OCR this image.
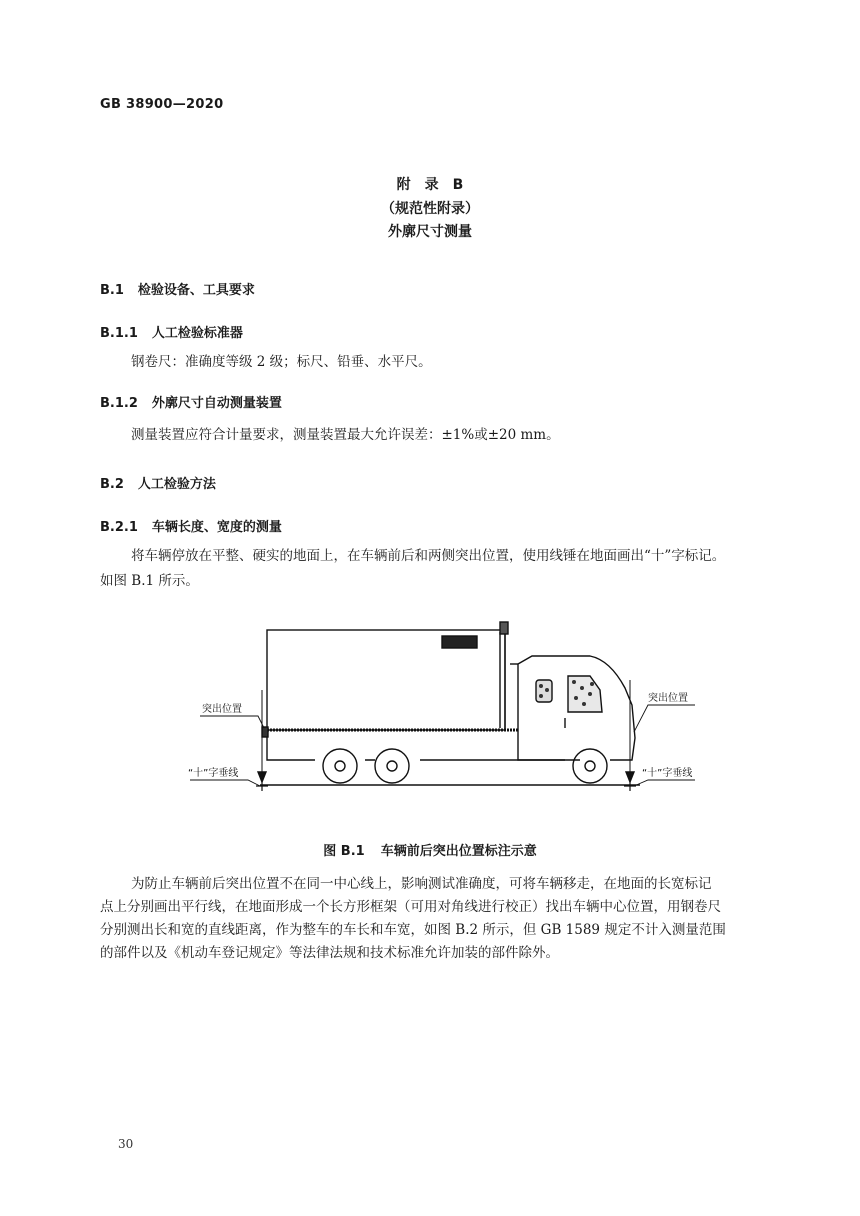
GB 38900—2020
附　录　B
（规范性附录）
外廓尺寸测量
B.1 检验设备、工具要求
B.1.1 人工检验标准器
钢卷尺：准确度等级 2 级；标尺、铅垂、水平尺。
B.1.2 外廓尺寸自动测量装置
测量装置应符合计量要求，测量装置最大允许误差：±1%或±20 mm。
B.2 人工检验方法
B.2.1 车辆长度、宽度的测量
将车辆停放在平整、硬实的地面上，在车辆前后和两侧突出位置，使用线锤在地面画出“十”字标记。
如图 B.1 所示。
突出位置
突出位置
“十”字垂线	“十”字垂线
图 B.1 车辆前后突出位置标注示意
为防止车辆前后突出位置不在同一中心线上，影响测试准确度，可将车辆移走，在地面的长宽标记
点上分别画出平行线，在地面形成一个长方形框架（可用对角线进行校正）找出车辆中心位置，用钢卷尺
分别测出长和宽的直线距离，作为整车的车长和车宽，如图 B.2 所示，但 GB 1589 规定不计入测量范围
的部件以及《机动车登记规定》等法律法规和技术标准允许加装的部件除外。
30
